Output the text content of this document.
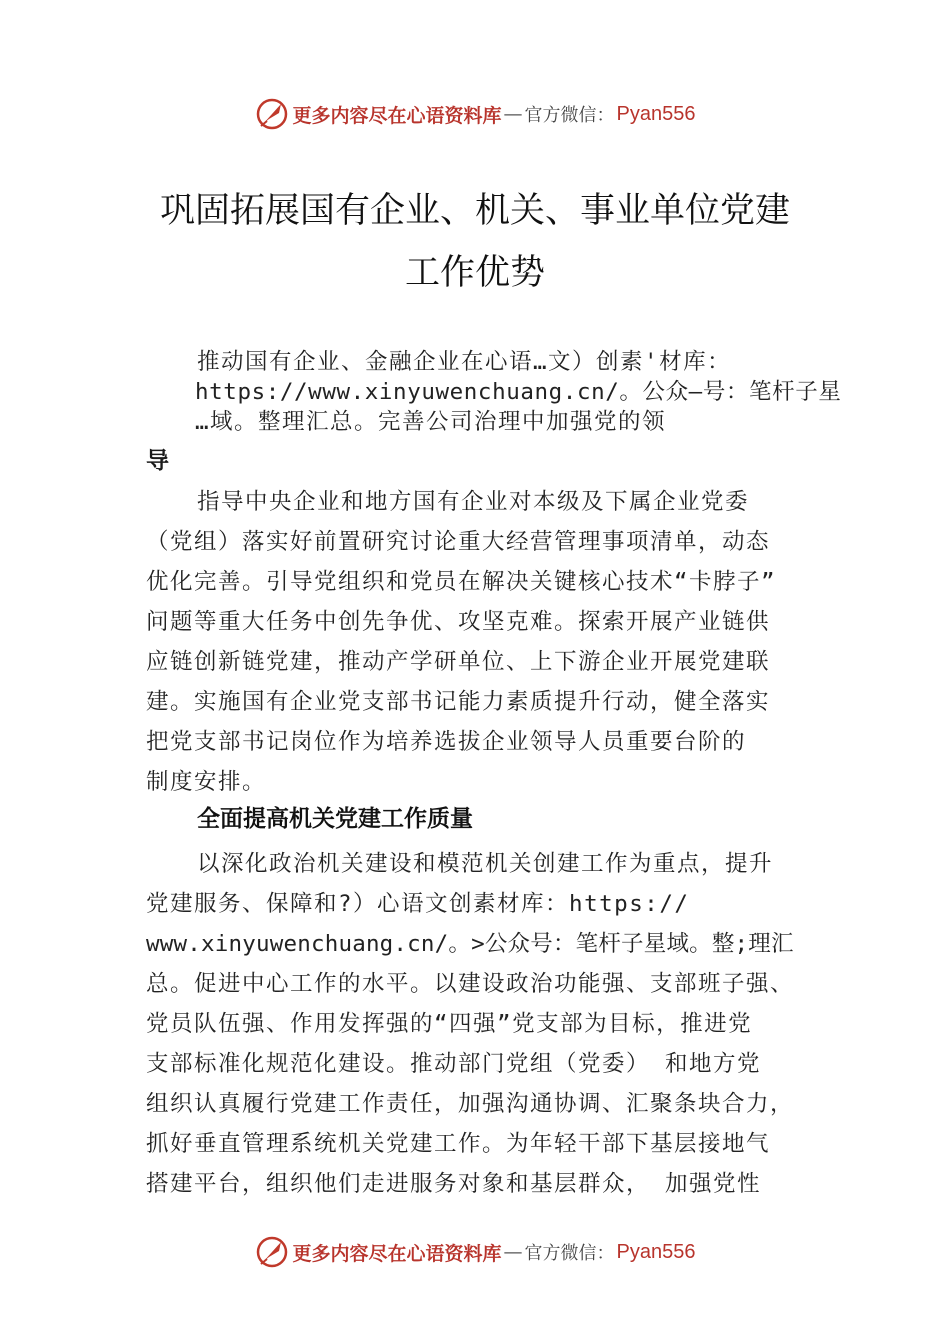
更多内容尽在心语资料库 — 官方微信： Pyan556
巩固拓展国有企业、机关、事业单位党建
工作优势
推动国有企业、金融企业在心语…文）创素'材库：
https://www.xinyuwenchuang.cn/。公众—号：笔杆子星
…域。整理汇总。完善公司治理中加强党的领
导
指导中央企业和地方国有企业对本级及下属企业党委
（党组）落实好前置研究讨论重大经营管理事项清单，动态
优化完善。引导党组织和党员在解决关键核心技术“卡脖子”
问题等重大任务中创先争优、攻坚克难。探索开展产业链供
应链创新链党建，推动产学研单位、上下游企业开展党建联
建。实施国有企业党支部书记能力素质提升行动，健全落实
把党支部书记岗位作为培养选拔企业领导人员重要台阶的
制度安排。
全面提高机关党建工作质量
以深化政治机关建设和模范机关创建工作为重点，提升
党建服务、保障和?）心语文创素材库：https://
www.xinyuwenchuang.cn/。>公众号：笔杆子星域。整;理汇
总。促进中心工作的水平。以建设政治功能强、支部班子强、
党员队伍强、作用发挥强的“四强”党支部为目标，推进党
支部标准化规范化建设。推动部门党组（党委） 和地方党
组织认真履行党建工作责任，加强沟通协调、汇聚条块合力，
抓好垂直管理系统机关党建工作。为年轻干部下基层接地气
搭建平台，组织他们走进服务对象和基层群众， 加强党性
更多内容尽在心语资料库 — 官方微信： Pyan556
